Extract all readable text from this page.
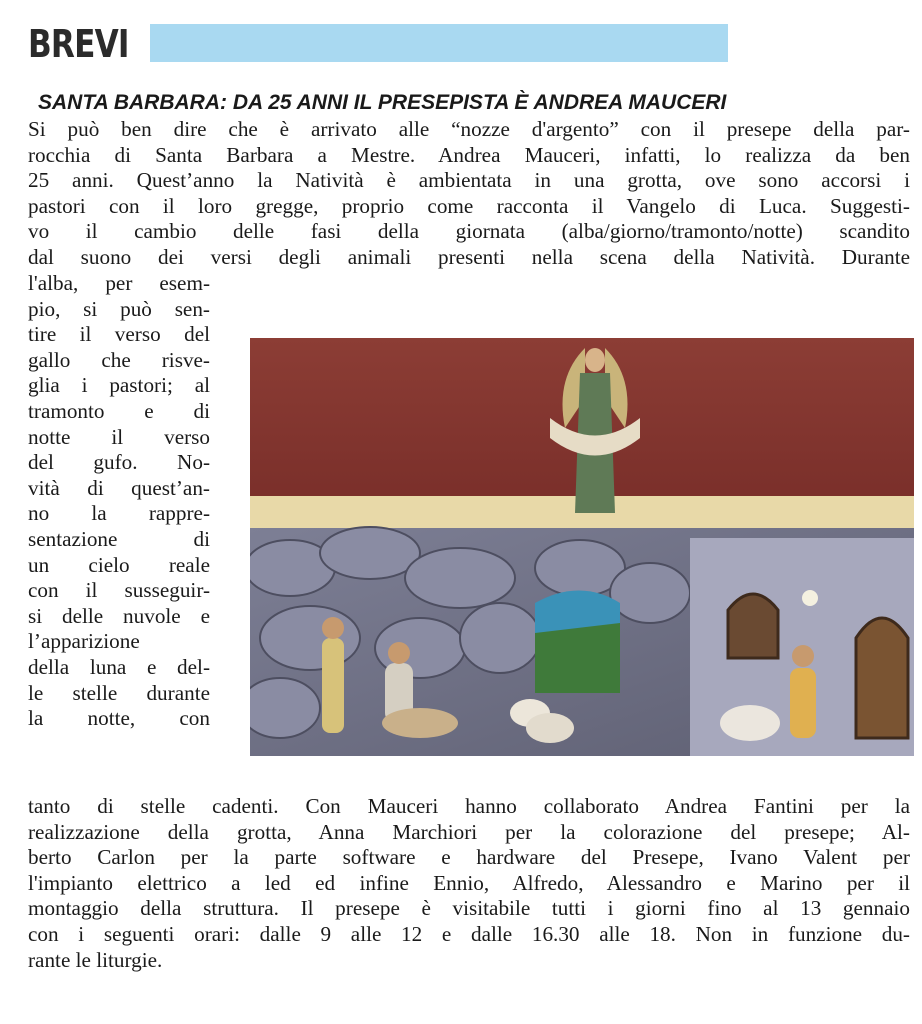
BREVI
SANTA BARBARA: DA 25 ANNI IL PRESEPISTA È ANDREA MAUCERI
Si può ben dire che è arrivato alle “nozze d'argento” con il presepe della par-
rocchia di Santa Barbara a Mestre. Andrea Mauceri, infatti, lo realizza da ben
25 anni. Quest’anno la Natività è ambientata in una grotta, ove sono accorsi i
pastori con il loro gregge, proprio come racconta il Vangelo di Luca. Suggesti-
vo il cambio delle fasi della giornata (alba/giorno/tramonto/notte) scandito
dal suono dei versi degli animali presenti nella scena della Natività. Durante
l'alba, per esem-
pio, si può sen-
tire il verso del
gallo che risve-
glia i pastori; al
tramonto e di
notte il verso
del gufo. No-
vità di quest’an-
no la rappre-
sentazione di
un cielo reale
con il susseguir-
si delle nuvole e
l’apparizione
della luna e del-
le stelle durante
la notte, con
tanto di stelle cadenti. Con Mauceri hanno collaborato Andrea Fantini per la
realizzazione della grotta, Anna Marchiori per la colorazione del presepe; Al-
berto Carlon per la parte software e hardware del Presepe, Ivano Valent per
l'impianto elettrico a led ed infine Ennio, Alfredo, Alessandro e Marino per il
montaggio della struttura. Il presepe è visitabile tutti i giorni fino al 13 gennaio
con i seguenti orari: dalle 9 alle 12 e dalle 16.30 alle 18. Non in funzione du-
rante le liturgie.
